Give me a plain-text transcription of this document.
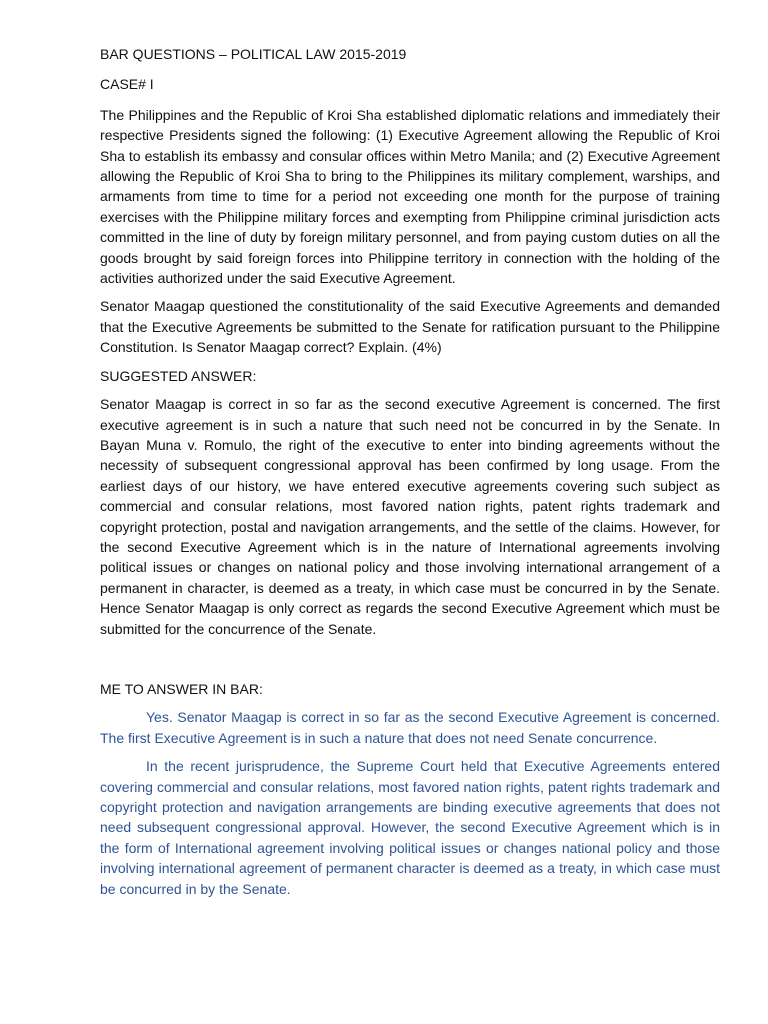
BAR QUESTIONS – POLITICAL LAW 2015-2019
CASE# I

The Philippines and the Republic of Kroi Sha established diplomatic relations and immediately their respective Presidents signed the following: (1) Executive Agreement allowing the Republic of Kroi Sha to establish its embassy and consular offices within Metro Manila; and (2) Executive Agreement allowing the Republic of Kroi Sha to bring to the Philippines its military complement, warships, and armaments from time to time for a period not exceeding one month for the purpose of training exercises with the Philippine military forces and exempting from Philippine criminal jurisdiction acts committed in the line of duty by foreign military personnel, and from paying custom duties on all the goods brought by said foreign forces into Philippine territory in connection with the holding of the activities authorized under the said Executive Agreement.

Senator Maagap questioned the constitutionality of the said Executive Agreements and demanded that the Executive Agreements be submitted to the Senate for ratification pursuant to the Philippine Constitution. Is Senator Maagap correct? Explain. (4%)

SUGGESTED ANSWER:

Senator Maagap is correct in so far as the second executive Agreement is concerned. The first executive agreement is in such a nature that such need not be concurred in by the Senate. In Bayan Muna v. Romulo, the right of the executive to enter into binding agreements without the necessity of subsequent congressional approval has been confirmed by long usage. From the earliest days of our history, we have entered executive agreements covering such subject as commercial and consular relations, most favored nation rights, patent rights trademark and copyright protection, postal and navigation arrangements, and the settle of the claims. However, for the second Executive Agreement which is in the nature of International agreements involving political issues or changes on national policy and those involving international arrangement of a permanent in character, is deemed as a treaty, in which case must be concurred in by the Senate. Hence Senator Maagap is only correct as regards the second Executive Agreement which must be submitted for the concurrence of the Senate.

ME TO ANSWER IN BAR:

Yes. Senator Maagap is correct in so far as the second Executive Agreement is concerned. The first Executive Agreement is in such a nature that does not need Senate concurrence.

In the recent jurisprudence, the Supreme Court held that Executive Agreements entered covering commercial and consular relations, most favored nation rights, patent rights trademark and copyright protection and navigation arrangements are binding executive agreements that does not need subsequent congressional approval. However, the second Executive Agreement which is in the form of International agreement involving political issues or changes national policy and those involving international agreement of permanent character is deemed as a treaty, in which case must be concurred in by the Senate.
